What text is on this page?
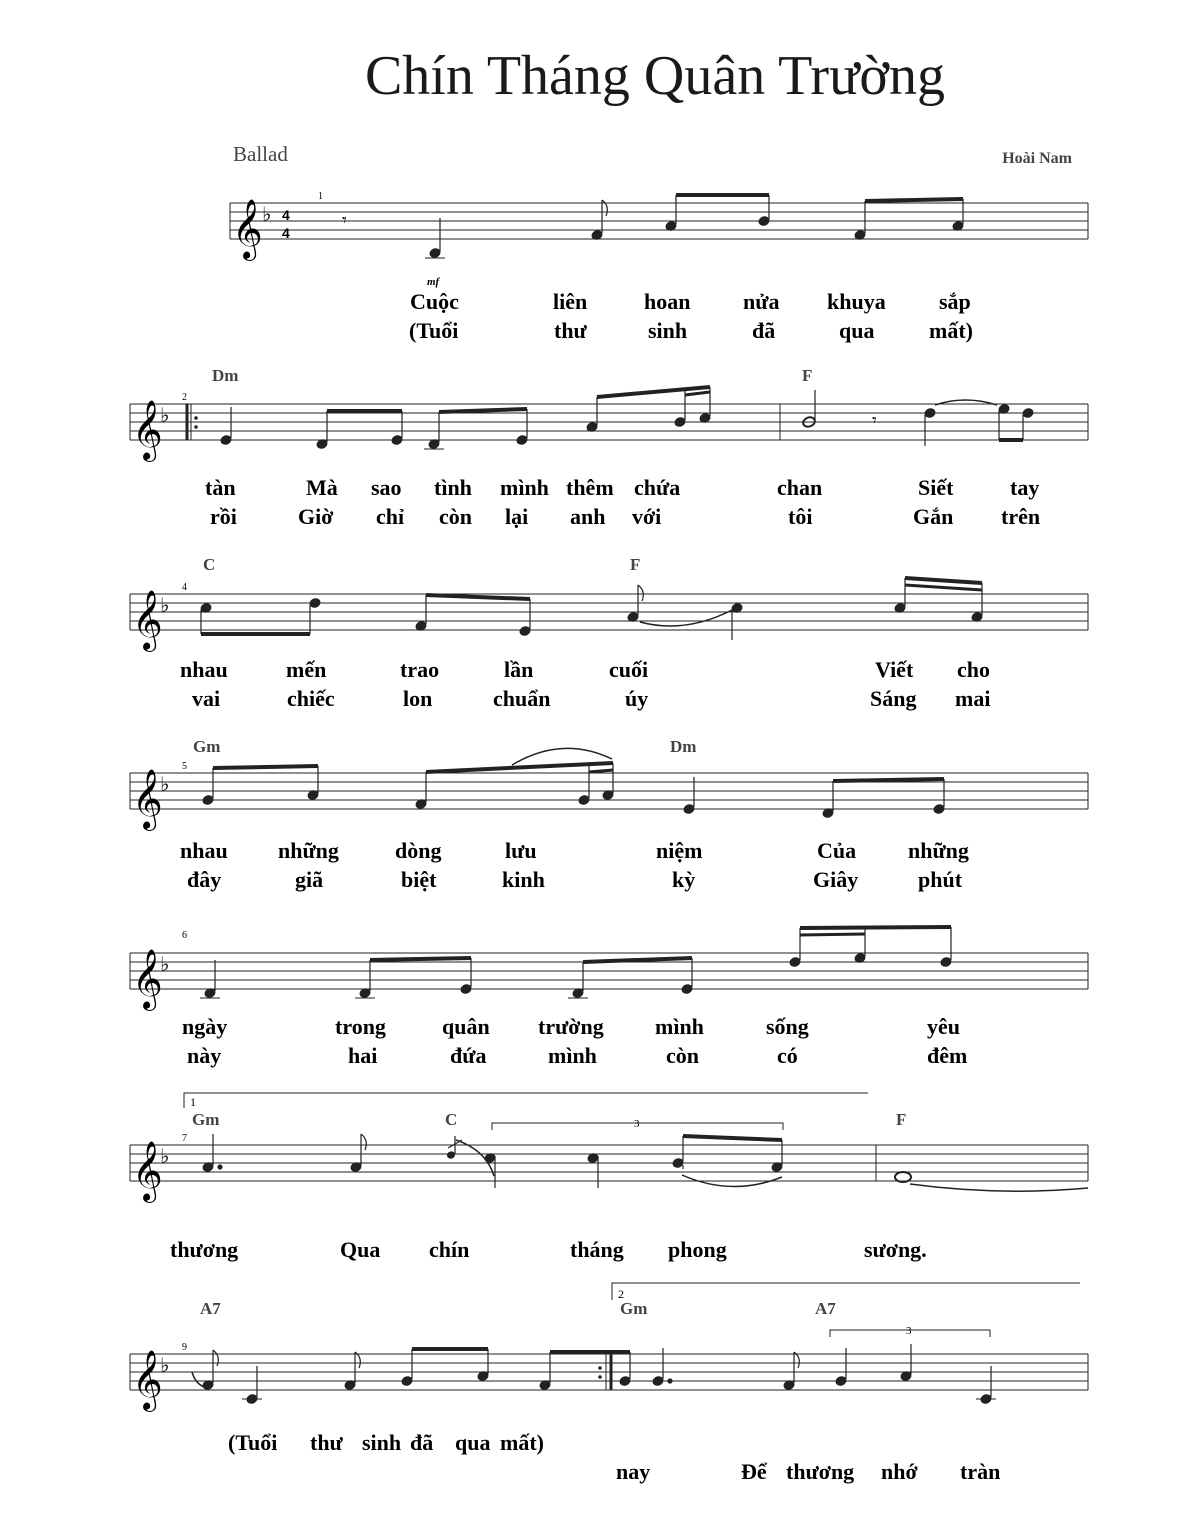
Chín Tháng Quân Trường
Ballad	Hoài Nam
𝄞 ♭ 4
4
1
𝄾
mf
Cuộc	liên	hoan nửa khuya sắp
(Tuổi	thư	sinh	đã	qua mất)
𝄞
♭
2
Dm	F
𝄾
tàn	Mà sao tình mình thêm chứa	chan	Siết	tay
rồi	Giờ chỉ còn lại anh với	tôi	Gắn trên
𝄞
♭
4
C	F
nhau	mến	trao	lần	cuối	Viết cho
vai	chiếc	lon	chuẩn	úy	Sáng mai
𝄞
♭
5
Gm	Dm
nhau những	dòng	lưu	niệm	Của những
đây	giã	biệt	kinh	kỳ	Giây	phút
𝄞
♭
6
ngày	trong	quân trường mình	sống	yêu
này	hai	đứa	mình	còn	có	đêm
1
𝄞
♭
7
Gm	C	F
3
thương	Qua chín	tháng phong	sương.
2
𝄞
♭
9
A7	Gm	A7
3
(Tuổi thư sinh đã qua mất)
nay	Để thương nhớ tràn
